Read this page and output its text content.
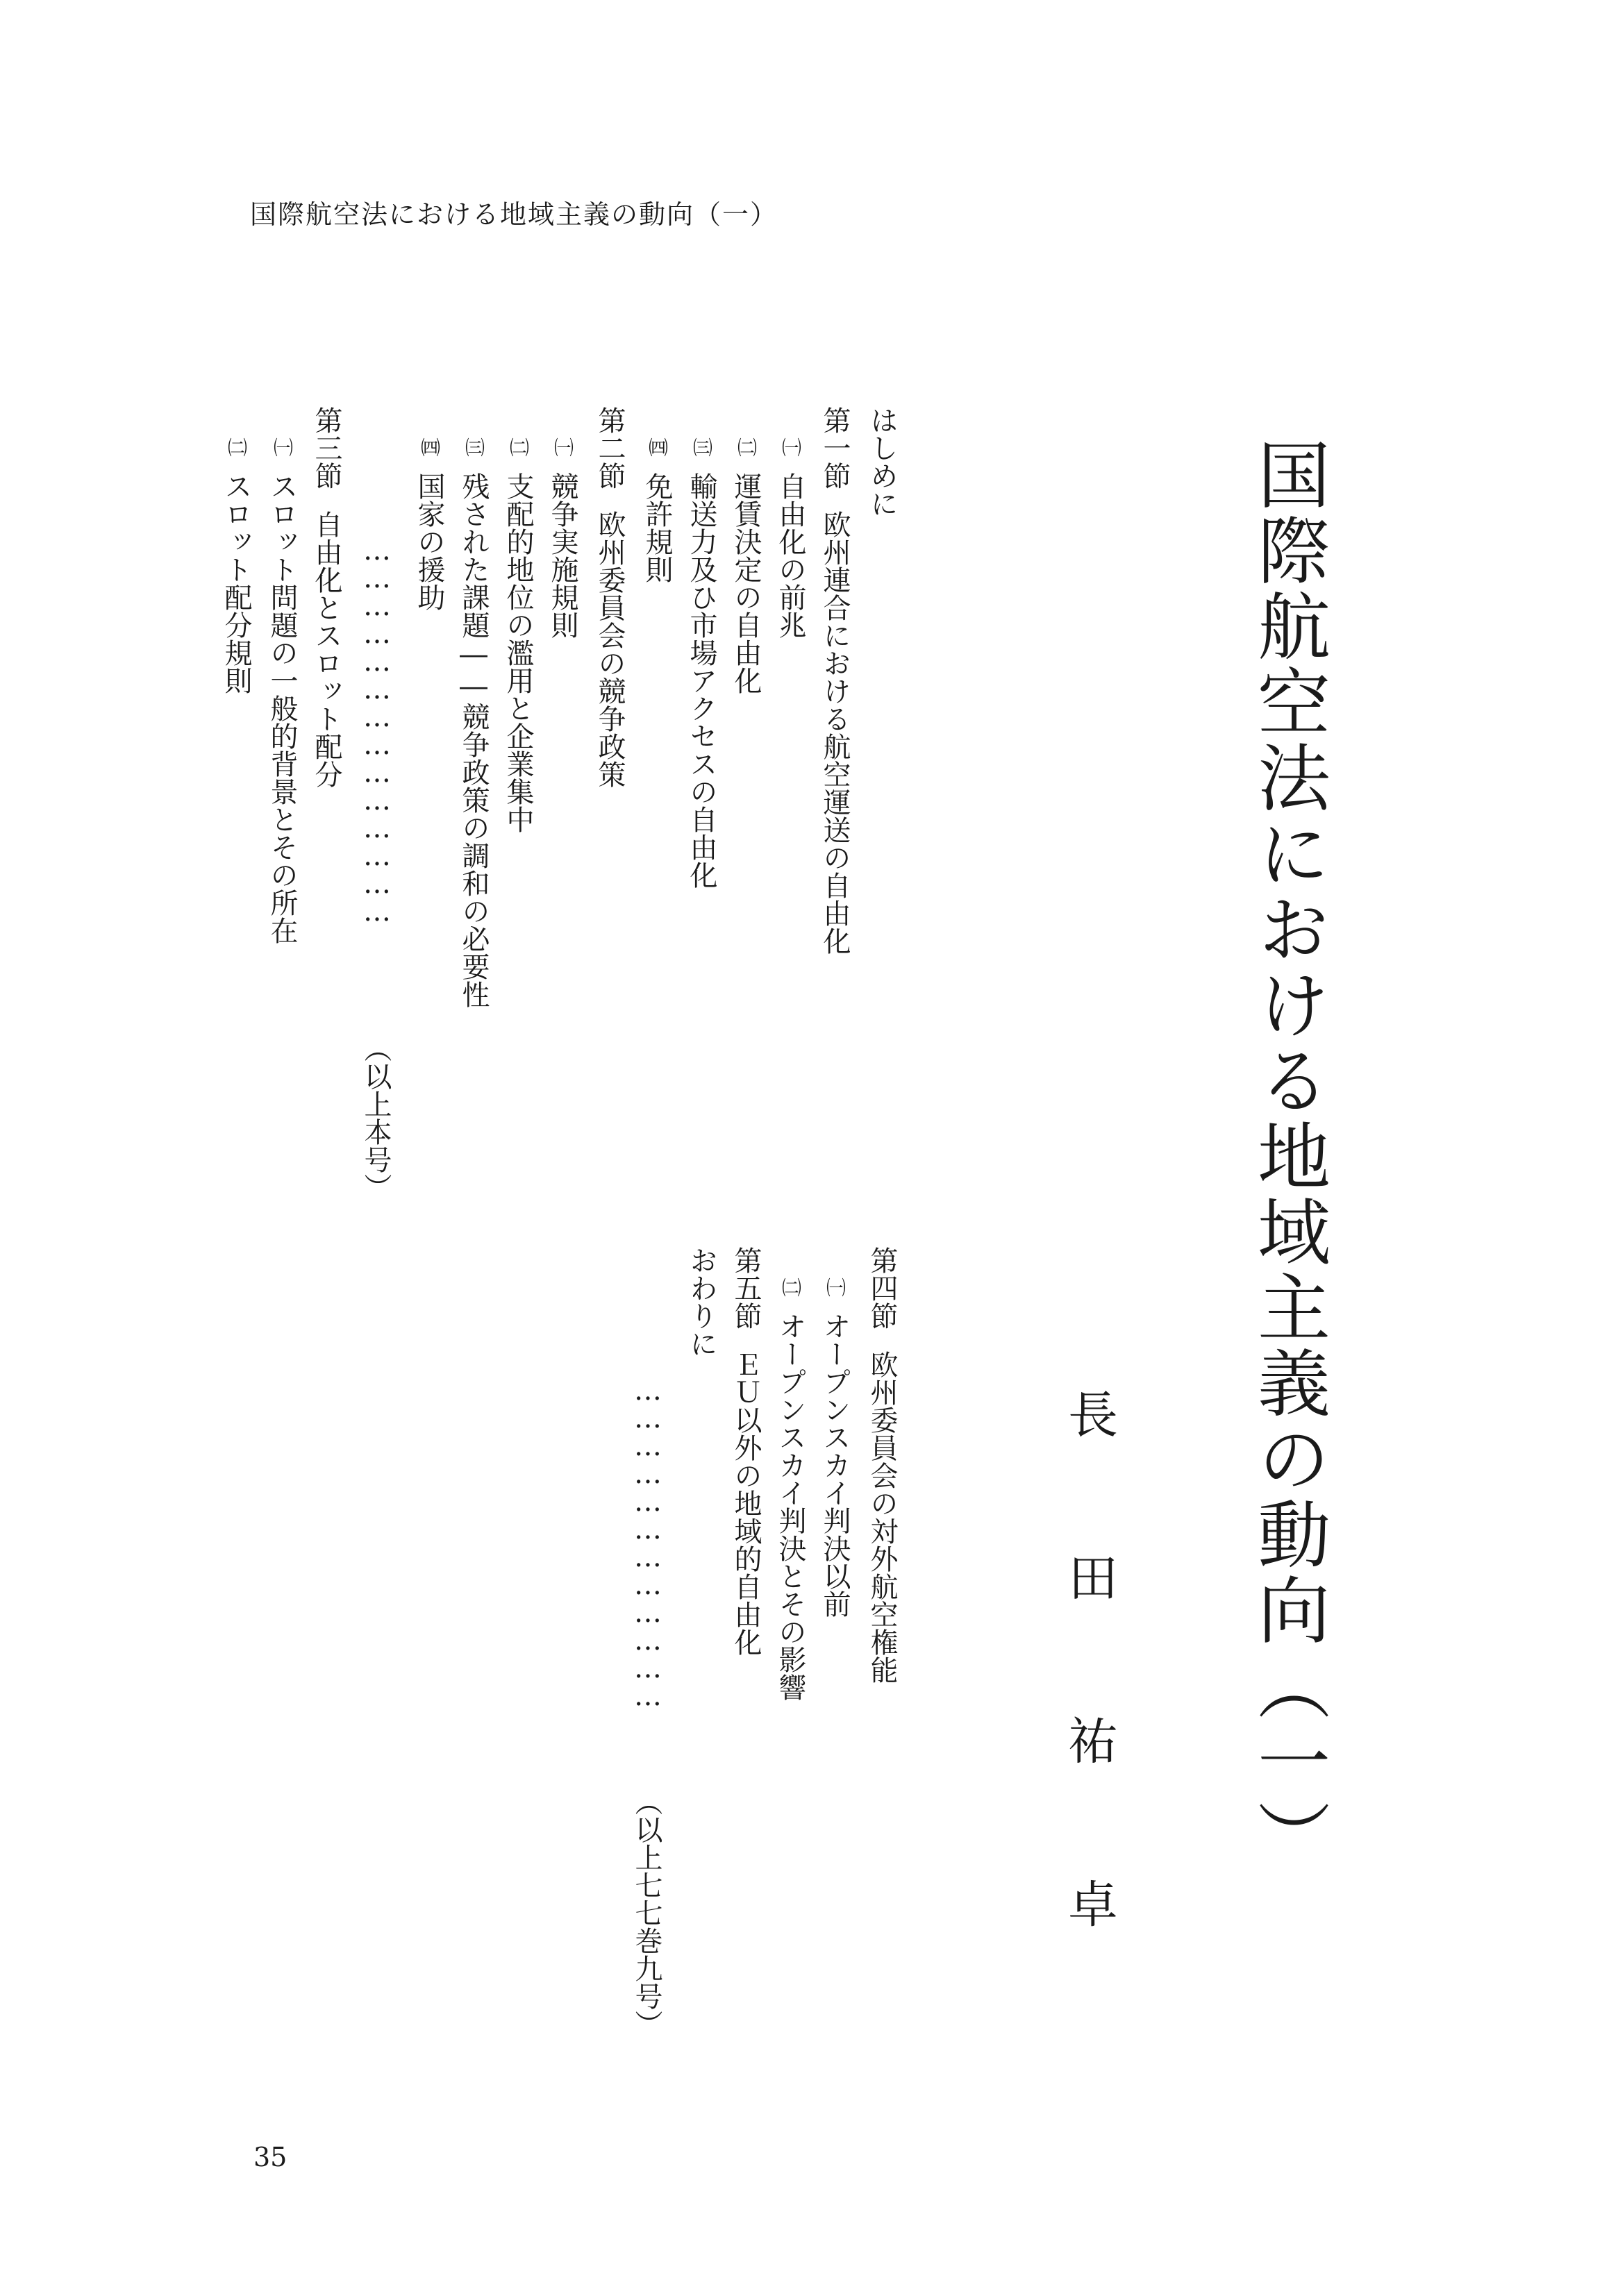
国際航空法における地域主義の動向（一）
国際航空法における地域主義の動向（一）
長
田
祐
卓
はしめに
第一節欧州連合における航空運送の自由化
㈠自由化の前兆
㈡運賃決定の自由化
㈢輸送力及ひ市場アクセスの自由化
㈣免許規則
第二節欧州委員会の競争政策
㈠競争実施規則
㈡支配的地位の濫用と企業集中
㈢残された課題――競争政策の調和の必要性
㈣国家の援助
……………………………………
（以上本号）
第三節自由化とスロット配分
㈠スロット問題の一般的背景とその所在
㈡スロット配分規則
第四節欧州委員会の対外航空権能
㈠オープンスカイ判決以前
㈡オープンスカイ判決とその影響
第五節ＥＵ以外の地域的自由化
おわりに
………………………………
（以上七七巻九号）
35
